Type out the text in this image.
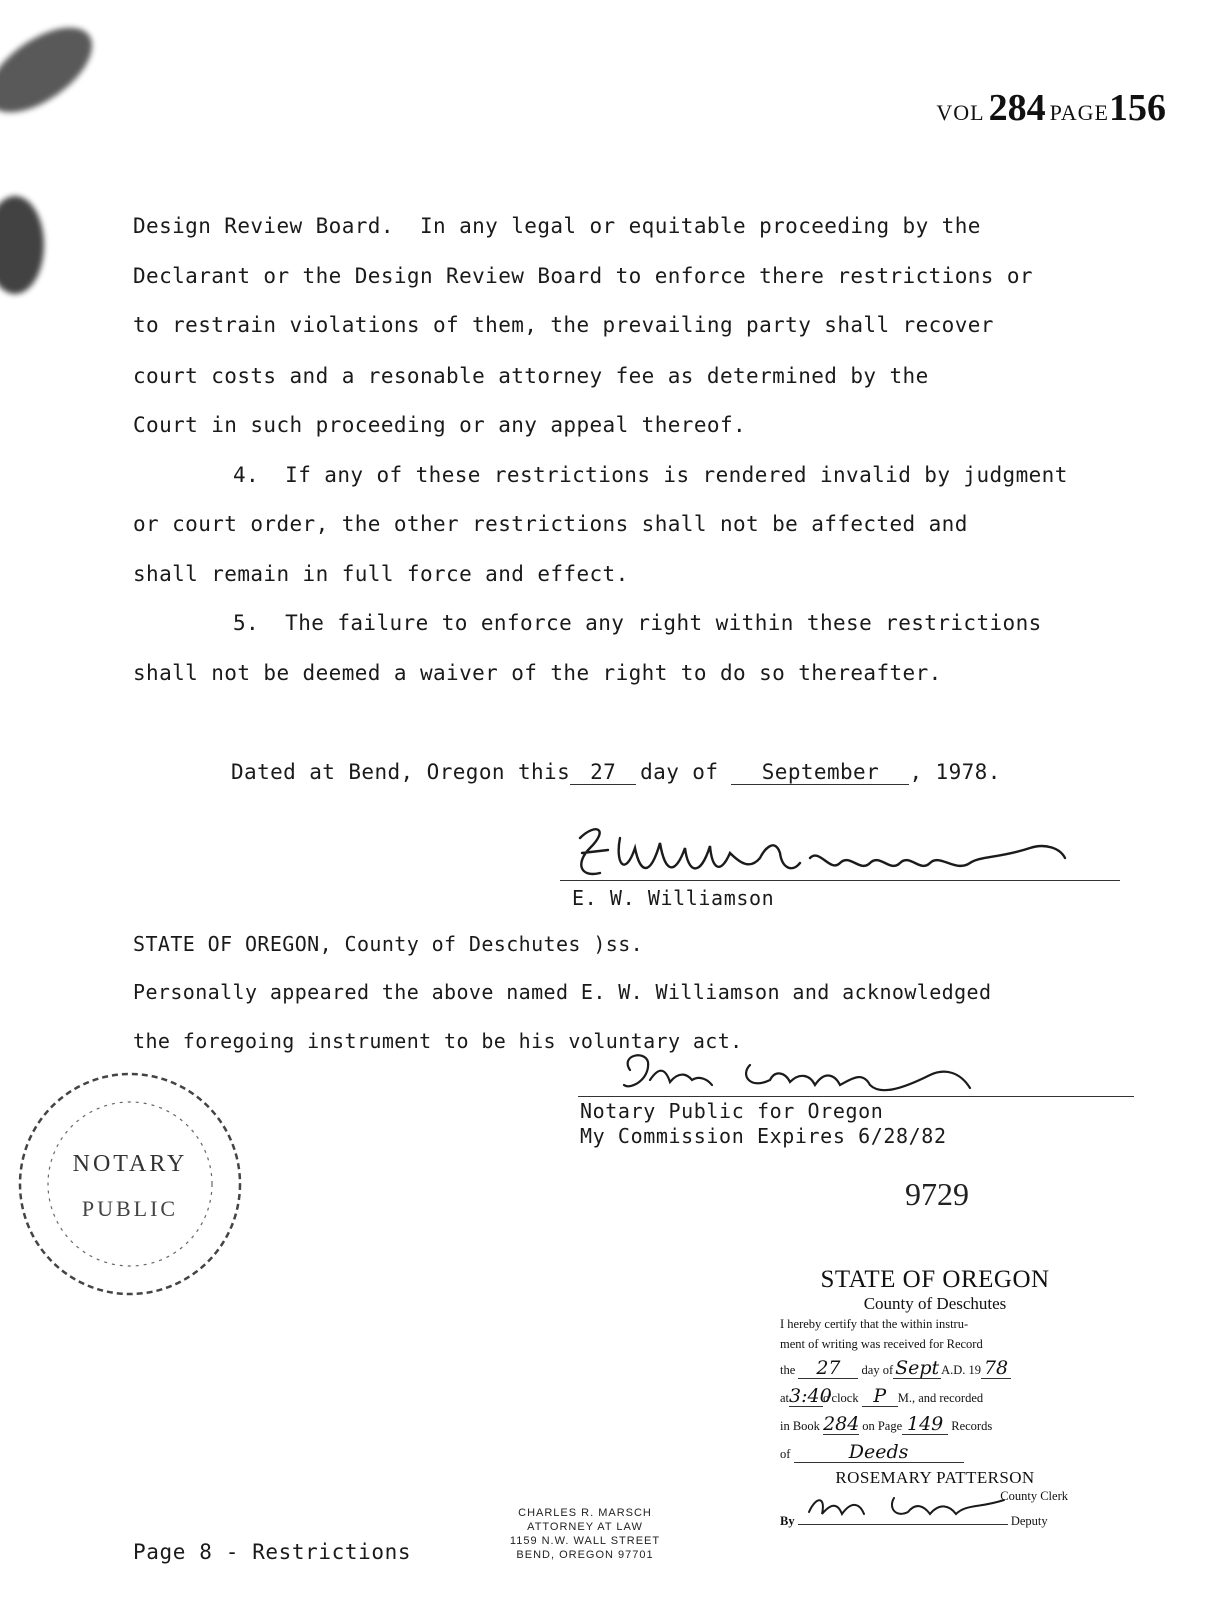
VOL 284 PAGE156
Design Review Board.  In any legal or equitable proceeding by the
Declarant or the Design Review Board to enforce there restrictions or
to restrain violations of them, the prevailing party shall recover
court costs and a resonable attorney fee as determined by the
Court in such proceeding or any appeal thereof.
4.  If any of these restrictions is rendered invalid by judgment
or court order, the other restrictions shall not be affected and
shall remain in full force and effect.
5.  The failure to enforce any right within these restrictions
shall not be deemed a waiver of the right to do so thereafter.
Dated at Bend, Oregon this 27 day of September , 1978.
E. W. Williamson
STATE OF OREGON, County of Deschutes )ss.
Personally appeared the above named E. W. Williamson and acknowledged
the foregoing instrument to be his voluntary act.
Notary Public for Oregon
My Commission Expires 6/28/82
NOTARY
PUBLIC	9729
STATE OF OREGON
County of Deschutes
I hereby certify that the within instru-
ment of writing was received for Record
the 27 day of Sept A.D. 19 78
at3:40o'clock P M., and recorded
in Book 284 on Page 149 Records
of	Deeds
ROSEMARY PATTERSON
County Clerk
By	Deputy
Page 8 - Restrictions
CHARLES R. MARSCH
ATTORNEY AT LAW
1159 N.W. WALL STREET
BEND, OREGON 97701
